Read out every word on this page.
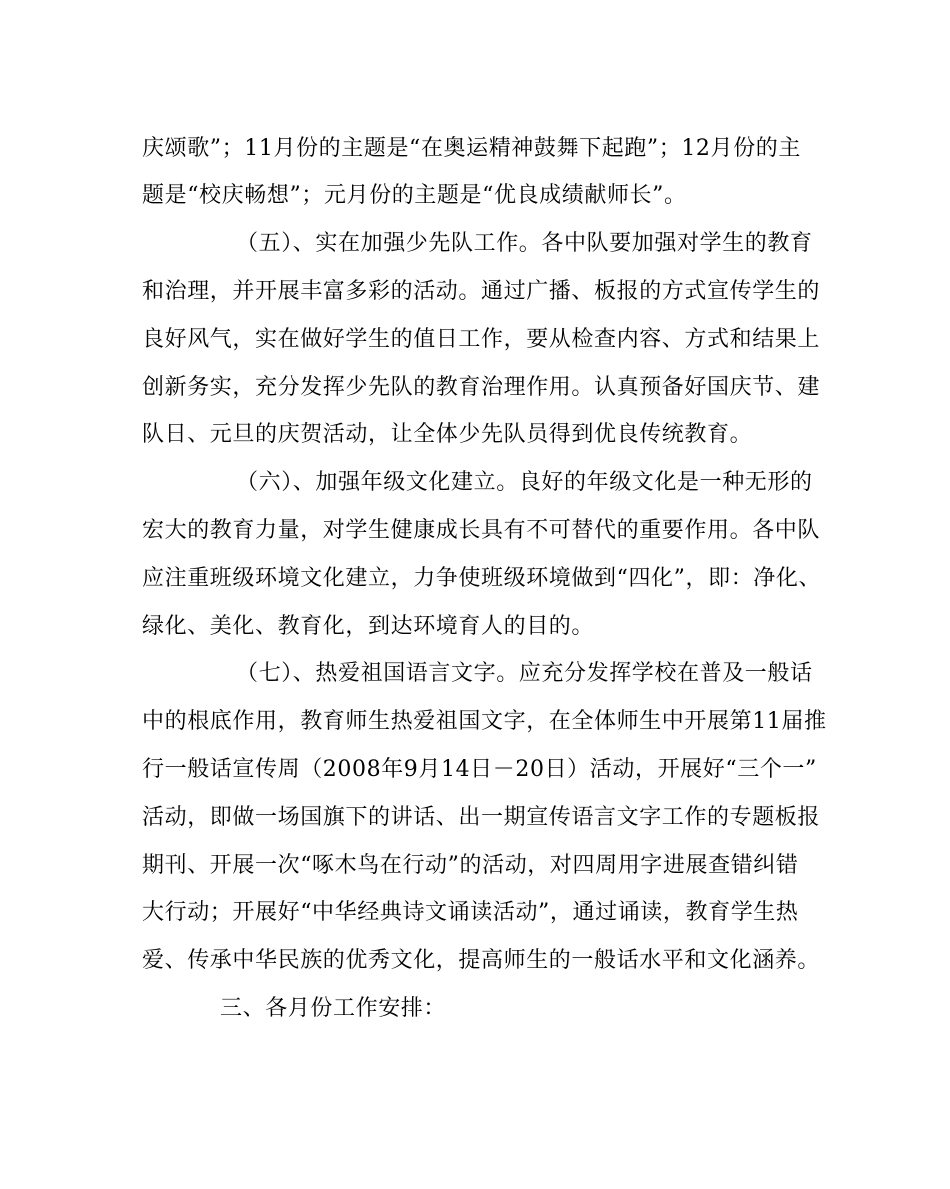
庆颂歌”；11月份的主题是“在奥运精神鼓舞下起跑”；12月份的主
题是“校庆畅想”；元月份的主题是“优良成绩献师长”。
（五）、实在加强少先队工作。各中队要加强对学生的教育
和治理，并开展丰富多彩的活动。通过广播、板报的方式宣传学生的
良好风气，实在做好学生的值日工作，要从检查内容、方式和结果上
创新务实，充分发挥少先队的教育治理作用。认真预备好国庆节、建
队日、元旦的庆贺活动，让全体少先队员得到优良传统教育。
（六）、加强年级文化建立。良好的年级文化是一种无形的
宏大的教育力量，对学生健康成长具有不可替代的重要作用。各中队
应注重班级环境文化建立，力争使班级环境做到“四化”，即：净化、
绿化、美化、教育化，到达环境育人的目的。
（七）、热爱祖国语言文字。应充分发挥学校在普及一般话
中的根底作用，教育师生热爱祖国文字，在全体师生中开展第11届推
行一般话宣传周（2008年9月14日－20日）活动，开展好“三个一”
活动，即做一场国旗下的讲话、出一期宣传语言文字工作的专题板报
期刊、开展一次“啄木鸟在行动”的活动，对四周用字进展查错纠错
大行动；开展好“中华经典诗文诵读活动”，通过诵读，教育学生热
爱、传承中华民族的优秀文化，提高师生的一般话水平和文化涵养。
三、各月份工作安排：
